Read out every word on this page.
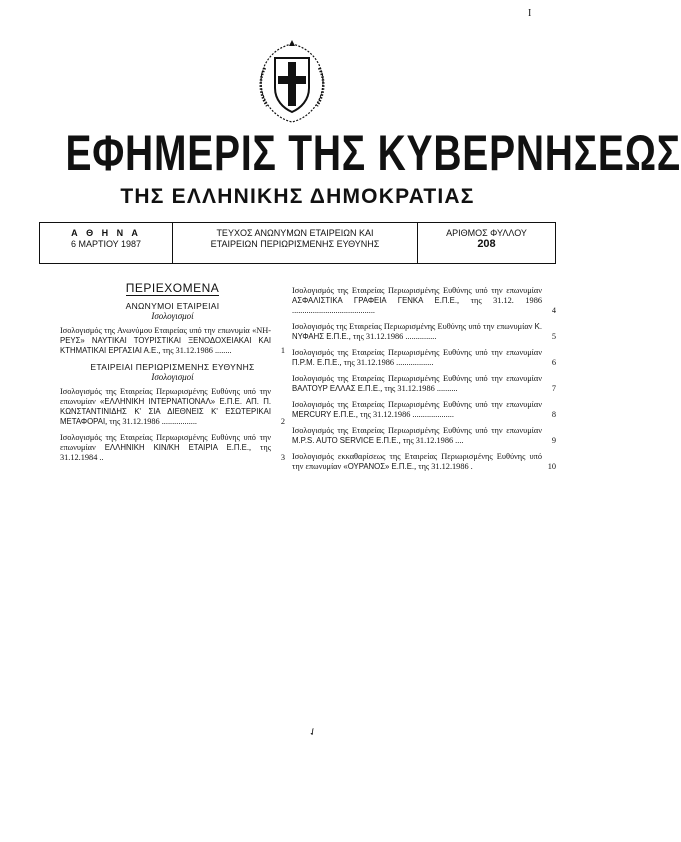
I
ΕΦΗΜΕΡΙΣ ΤΗΣ ΚΥΒΕΡΝΗΣΕΩΣ
ΤΗΣ ΕΛΛΗΝΙΚΗΣ ΔΗΜΟΚΡΑΤΙΑΣ
Α Θ Η Ν Α
6 ΜΑΡΤΙΟΥ 1987
ΤΕΥΧΟΣ ΑΝΩΝΥΜΩΝ ΕΤΑΙΡΕΙΩΝ ΚΑΙ
ΕΤΑΙΡΕΙΩΝ ΠΕΡΙΩΡΙΣΜΕΝΗΣ ΕΥΘΥΝΗΣ
ΑΡΙΘΜΟΣ ΦΥΛΛΟΥ
208
ΠΕΡΙΕΧΟΜΕΝΑ
ΑΝΩΝΥΜΟΙ ΕΤΑΙΡΕΙΑΙ
Ισολογισμοί
Ισολογισμός της Ανωνύμου Εταιρείας υπό την επωνυμία «ΝΗ- ΡΕΥΣ» ΝΑΥΤΙΚΑΙ ΤΟΥΡΙΣΤΙΚΑΙ ΞΕΝΟΔΟΧΕΙΑΚΑΙ ΚΑΙ ΚΤΗΜΑΤΙΚΑΙ ΕΡΓΑΣΙΑΙ Α.Ε., της 31.12.1986 ........	1
ΕΤΑΙΡΕΙΑΙ ΠΕΡΙΩΡΙΣΜΕΝΗΣ ΕΥΘΥΝΗΣ
Ισολογισμοί
Ισολογισμός της Εταιρείας Περιωρισμένης Ευθύνης υπό την επωνυμίαν «ΕΛΛΗΝΙΚΗ ΙΝΤΕΡΝΑΤΙΟΝΑΛ» Ε.Π.Ε. ΑΠ. Π. ΚΩΝΣΤΑΝΤΙΝΙΔΗΣ Κ' ΣΙΑ ΔΙΕΘΝΕΙΣ Κ' ΕΣΩΤΕΡΙΚΑΙ ΜΕΤΑΦΟΡΑΙ, της 31.12.1986 .................	2
Ισολογισμός της Εταιρείας Περιωρισμένης Ευθύνης υπό την επωνυμίαν ΕΛΛΗΝΙΚΗ ΚΙΝ/ΚΗ ΕΤΑΙΡΙΑ Ε.Π.Ε., της 31.12.1984 ..	3
Ισολογισμός της Εταιρείας Περιωρισμένης Ευθύνης υπό την επωνυμίαν ΑΣΦΑΛΙΣΤΙΚΑ ΓΡΑΦΕΙΑ ΓΕΝΚΑ Ε.Π.Ε., της 31.12. 1986 ........................................	4
Ισολογισμός της Εταιρείας Περιωρισμένης Ευθύνης υπό την επωνυμίαν Κ. ΝΥΦΑΗΣ Ε.Π.Ε., της 31.12.1986 ...............	5
Ισολογισμός της Εταιρείας Περιωρισμένης Ευθύνης υπό την επωνυμίαν Π.Ρ.Μ. Ε.Π.Ε., της 31.12.1986 ..................	6
Ισολογισμός της Εταιρείας Περιωρισμένης Ευθύνης υπό την επωνυμίαν ΒΑΛΤΟΥΡ ΕΛΛΑΣ Ε.Π.Ε., της 31.12.1986 ..........	7
Ισολογισμός της Εταιρείας Περιωρισμένης Ευθύνης υπό την επωνυμίαν MERCURY Ε.Π.Ε., της 31.12.1986 ....................	8
Ισολογισμός της Εταιρείας Περιωρισμένης Ευθύνης υπό την επωνυμίαν M.P.S. AUTO SERVICE Ε.Π.Ε., της 31.12.1986 ....	9
Ισολογισμός εκκαθαρίσεως της Εταιρείας Περιωρισμένης Ευθύνης υπό την επωνυμίαν «ΟΥΡΑΝΟΣ» Ε.Π.Ε., της 31.12.1986 .	10
✓
